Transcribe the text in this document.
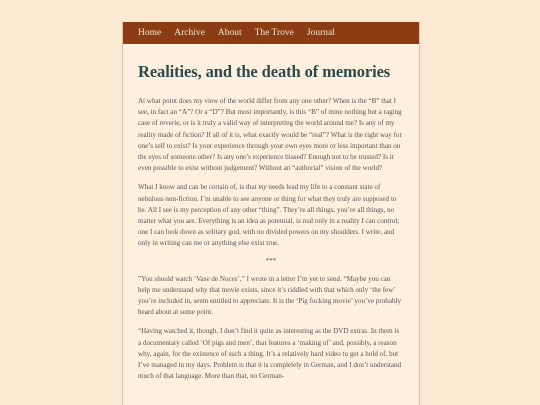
Home Archive About The Trove Journal
Realities, and the death of memories

At what point does my view of the world differ from any one other? When is the “B” that I see, in fact an “A”? Or a “D”? But most importantly, is this “B” of mine nothing but a raging case of reverie, or is it truly a valid way of interpreting the world around me? Is any of my reality made of fiction? If all of it is, what exactly would be “real”? What is the right way for one’s self to exist? Is your experience through your own eyes more or less important than on the eyes of someone other? Is any one’s experience biased? Enough not to be trusted? Is it even possible to exist without judgement? Without an “authorial” vision of the world?

What I know and can be certain of, is that my needs lead my life to a constant state of nebulous non-fiction. I’m unable to see anyone or thing for what they truly are supposed to be. All I see is my perception of any other “thing”. They’re all things, you’re all things, no matter what you are. Everything is an idea as potential, is real only in a reality I can control; one I can look down as solitary god, with no divided powers on my shoulders. I write, and only in writing can me or anything else exist true.

***

”You should watch ‘Vase de Noces’,” I wrote in a letter I’m yet to send. “Maybe you can help me understand why that movie exists, since it’s riddled with that which only ‘the few’ you’re included in, seem entitled to appreciate. It is the ‘Pig fucking movie’ you’ve probably heard about at some point.

“Having watched it, though, I don’t find it quite as interesting as the DVD extras. In them is a documentary called ‘Of pigs and men’, that features a ‘making of’ and, possibly, a reason why, again, for the existence of such a thing. It’s a relatively hard video to get a hold of, but I’ve managed in my days. Problem is that it is completely in German, and I don’t understand much of that language. More than that, no German-
